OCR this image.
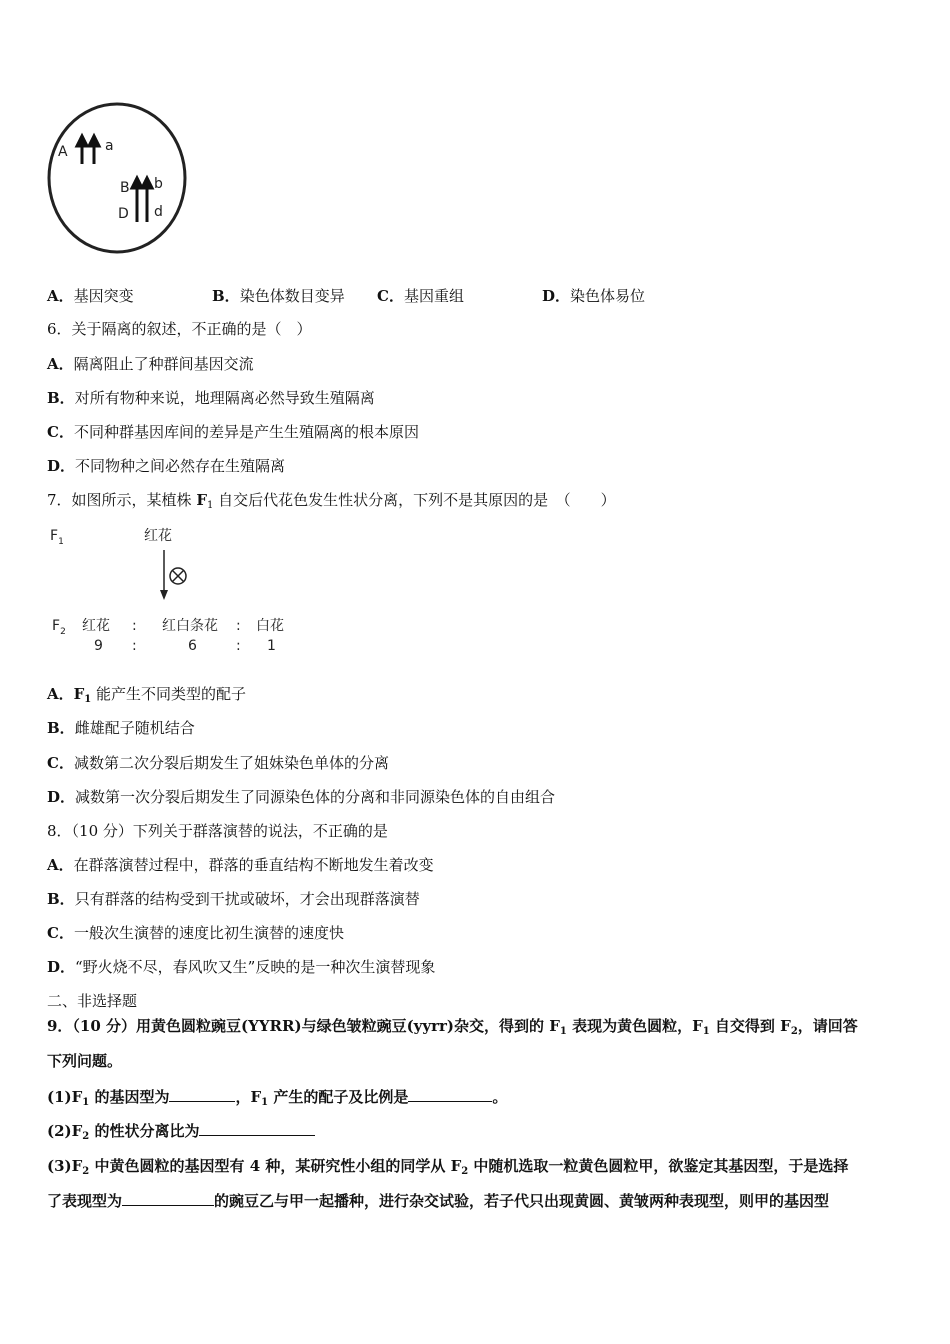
A	a
B b
D d
A．基因突变	B．染色体数目变异 C．基因重组	D．染色体易位
6．关于隔离的叙述，不正确的是（　）
A．隔离阻止了种群间基因交流
B．对所有物种来说，地理隔离必然导致生殖隔离
C．不同种群基因库间的差异是产生生殖隔离的根本原因
D．不同物种之间必然存在生殖隔离
7．如图所示，某植株 $F_1$ 自交后代花色发生性状分离，下列不是其原因的是　（　　）
$F_1$	红花
$F_2$ 红花 : 红白条花 : 白花
9 :	6	: 1
A．$F_1$ 能产生不同类型的配子
B．雌雄配子随机结合
C．减数第二次分裂后期发生了姐妹染色单体的分离
D．减数第一次分裂后期发生了同源染色体的分离和非同源染色体的自由组合
8．（10 分）下列关于群落演替的说法，不正确的是
A．在群落演替过程中，群落的垂直结构不断地发生着改变
B．只有群落的结构受到干扰或破坏，才会出现群落演替
C．一般次生演替的速度比初生演替的速度快
D．“野火烧不尽，春风吹又生”反映的是一种次生演替现象
二、非选择题
9．（10 分）用黄色圆粒豌豆(YYRR)与绿色皱粒豌豆(yyrr)杂交，得到的 $F_1$ 表现为黄色圆粒，$F_1$ 自交得到 $F_2$，请回答
下列问题。
$(1)F_1$ 的基因型为	，$F_1$ 产生的配子及比例是	。
$(2)F_2$ 的性状分离比为
$(3)F_2$ 中黄色圆粒的基因型有 4 种，某研究性小组的同学从 $F_2$ 中随机选取一粒黄色圆粒甲，欲鉴定其基因型，于是选择
了表现型为	的豌豆乙与甲一起播种，进行杂交试验，若子代只出现黄圆、黄皱两种表现型，则甲的基因型
